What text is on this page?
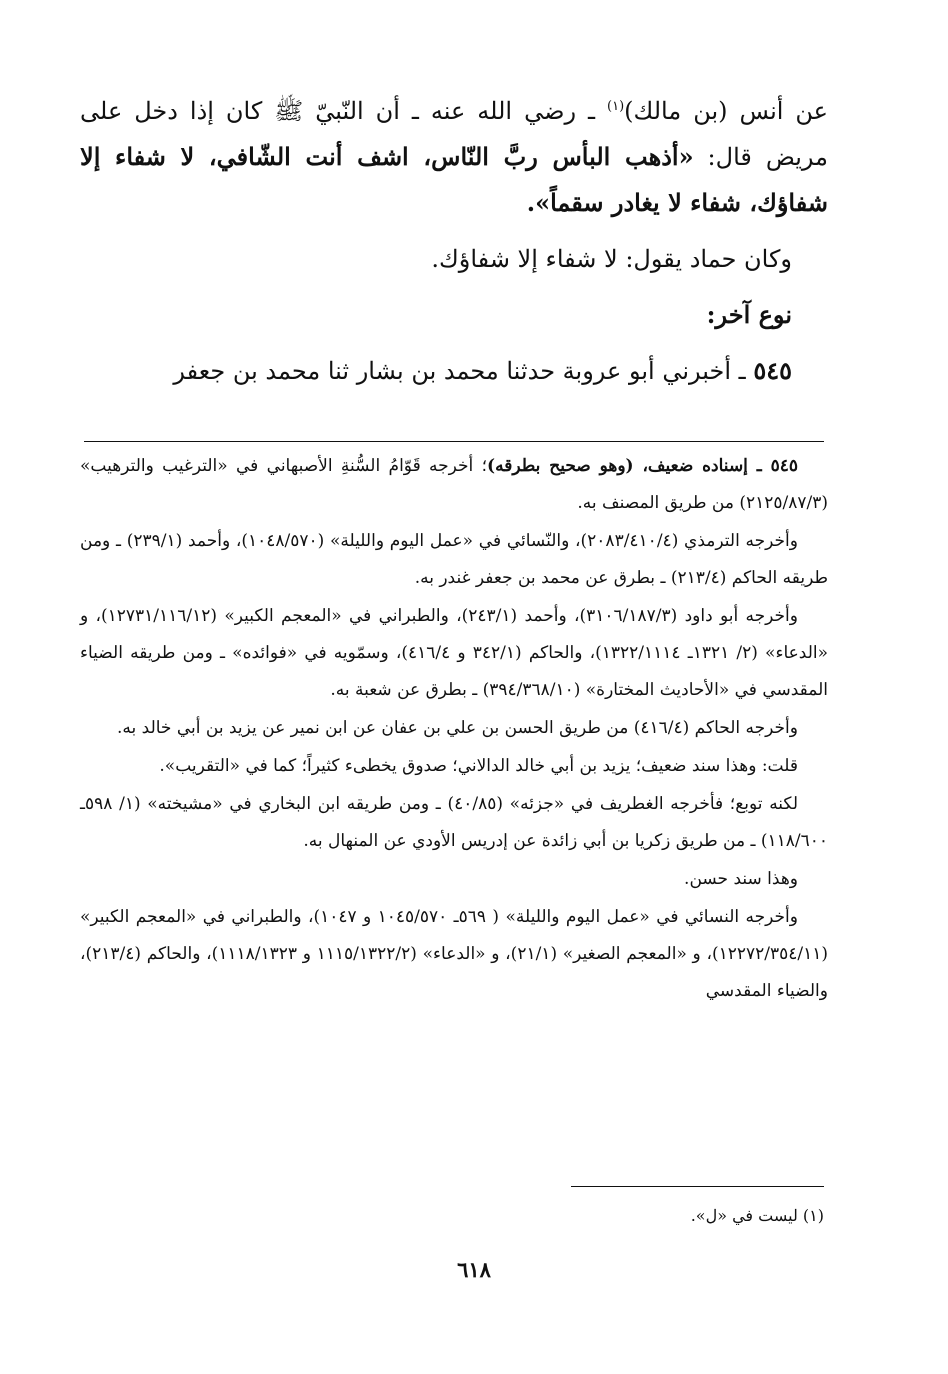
عن أنس (بن مالك)$^{(١)}$ ـ رضي الله عنه ـ أن النّبيّ ﷺ كان إذا دخل على مريض قال: «أذهب البأس ربَّ النّاس، اشف أنت الشّافي، لا شفاء إلا شفاؤك، شفاء لا يغادر سقماً».

وكان حماد يقول: لا شفاء إلا شفاؤك.

نوع آخر:

٥٤٥ ـ أخبرني أبو عروبة حدثنا محمد بن بشار ثنا محمد بن جعفر

٥٤٥ ـ إسناده ضعيف، (وهو صحيح بطرقه)؛ أخرجه قَوّامُ السُّنةِ الأصبهاني في «الترغيب والترهيب» (٢١٢٥/٨٧/٣) من طريق المصنف به.

وأخرجه الترمذي (٢٠٨٣/٤١٠/٤)، والنّسائي في «عمل اليوم والليلة» (١٠٤٨/٥٧٠)، وأحمد (٢٣٩/١) ـ ومن طريقه الحاكم (٢١٣/٤) ـ بطرق عن محمد بن جعفر غندر به.

وأخرجه أبو داود (٣١٠٦/١٨٧/٣)، وأحمد (٢٤٣/١)، والطبراني في «المعجم الكبير» (١٢٧٣١/١١٦/١٢)، و «الدعاء» (٢/ ١٣٢١ـ ١٣٢٢/١١١٤)، والحاكم (٣٤٢/١ و ٤١٦/٤)، وسمّويه في «فوائده» ـ ومن طريقه الضياء المقدسي في «الأحاديث المختارة» (٣٩٤/٣٦٨/١٠) ـ بطرق عن شعبة به.

وأخرجه الحاكم (٤١٦/٤) من طريق الحسن بن علي بن عفان عن ابن نمير عن يزيد بن أبي خالد به.

قلت: وهذا سند ضعيف؛ يزيد بن أبي خالد الدالاني؛ صدوق يخطىء كثيراً؛ كما في «التقريب».

لكنه توبع؛ فأخرجه الغطريف في «جزئه» (٤٠/٨٥) ـ ومن طريقه ابن البخاري في «مشيخته» (١/ ٥٩٨ـ ١١٨/٦٠٠) ـ من طريق زكريا بن أبي زائدة عن إدريس الأودي عن المنهال به.

وهذا سند حسن.

وأخرجه النسائي في «عمل اليوم والليلة» ( ٥٦٩ـ ١٠٤٥/٥٧٠ و ١٠٤٧)، والطبراني في «المعجم الكبير» (١٢٢٧٢/٣٥٤/١١)، و «المعجم الصغير» (٢١/١)، و «الدعاء» (١١١٥/١٣٢٢/٢ و ١١١٨/١٣٢٣)، والحاكم (٢١٣/٤)، والضياء المقدسي

(١) ليست في «ل».
٦١٨
